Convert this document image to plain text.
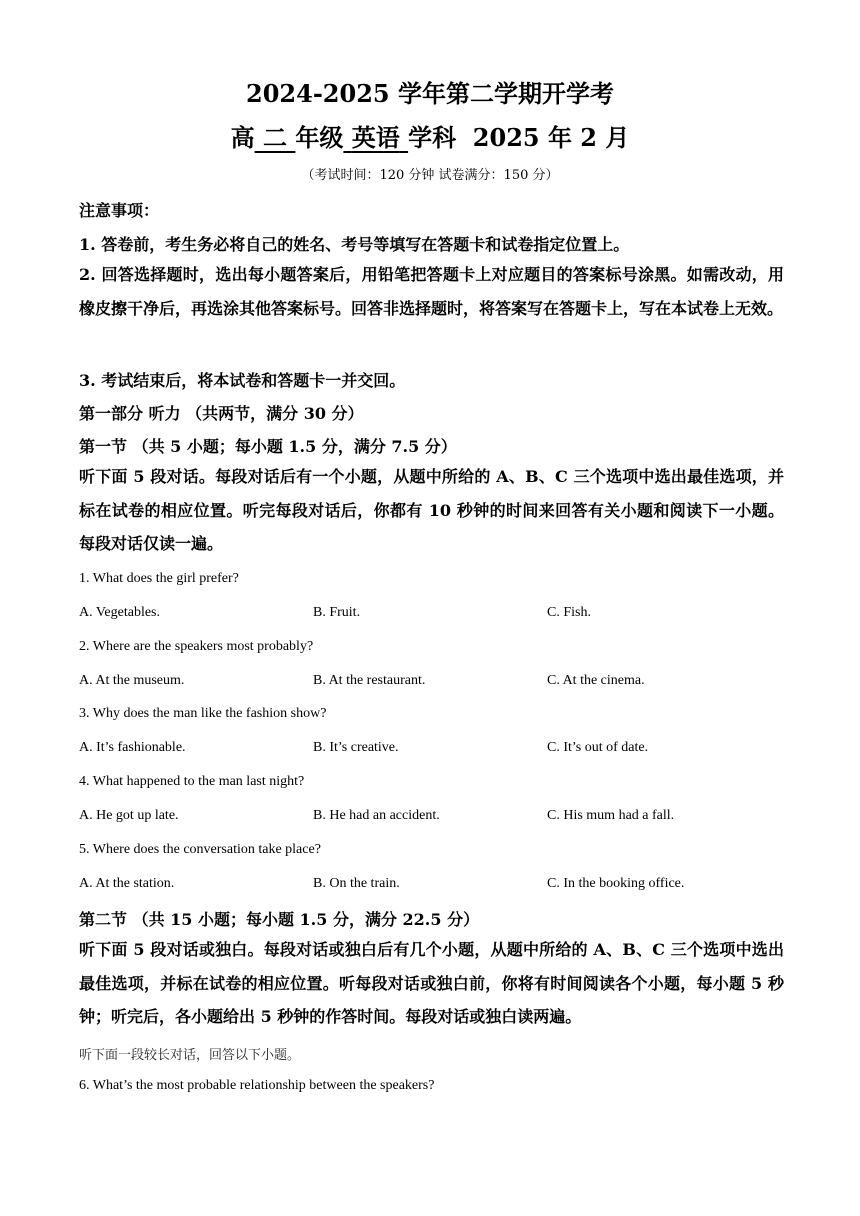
2024-2025 学年第二学期开学考
高 二 年级 英语 学科 2025 年 2 月
（考试时间：120 分钟 试卷满分：150 分）
注意事项：
1. 答卷前，考生务必将自己的姓名、考号等填写在答题卡和试卷指定位置上。
2. 回答选择题时，选出每小题答案后，用铅笔把答题卡上对应题目的答案标号涂黑。如需改动，用橡皮擦干净后，再选涂其他答案标号。回答非选择题时，将答案写在答题卡上，写在本试卷上无效。
3. 考试结束后，将本试卷和答题卡一并交回。
第一部分 听力 （共两节，满分 30 分）
第一节 （共 5 小题；每小题 1.5 分，满分 7.5 分）
听下面 5 段对话。每段对话后有一个小题，从题中所给的 A、B、C 三个选项中选出最佳选项，并标在试卷的相应位置。听完每段对话后，你都有 10 秒钟的时间来回答有关小题和阅读下一小题。每段对话仅读一遍。
1. What does the girl prefer?
A. Vegetables.	B. Fruit.	C. Fish.
2. Where are the speakers most probably?
A. At the museum.	B. At the restaurant.	C. At the cinema.
3. Why does the man like the fashion show?
A. It’s fashionable.	B. It’s creative.	C. It’s out of date.
4. What happened to the man last night?
A. He got up late.	B. He had an accident.	C. His mum had a fall.
5. Where does the conversation take place?
A. At the station.	B. On the train.	C. In the booking office.
第二节 （共 15 小题；每小题 1.5 分，满分 22.5 分）
听下面 5 段对话或独白。每段对话或独白后有几个小题，从题中所给的 A、B、C 三个选项中选出最佳选项，并标在试卷的相应位置。听每段对话或独白前，你将有时间阅读各个小题，每小题 5 秒钟；听完后，各小题给出 5 秒钟的作答时间。每段对话或独白读两遍。
听下面一段较长对话，回答以下小题。
6. What’s the most probable relationship between the speakers?
